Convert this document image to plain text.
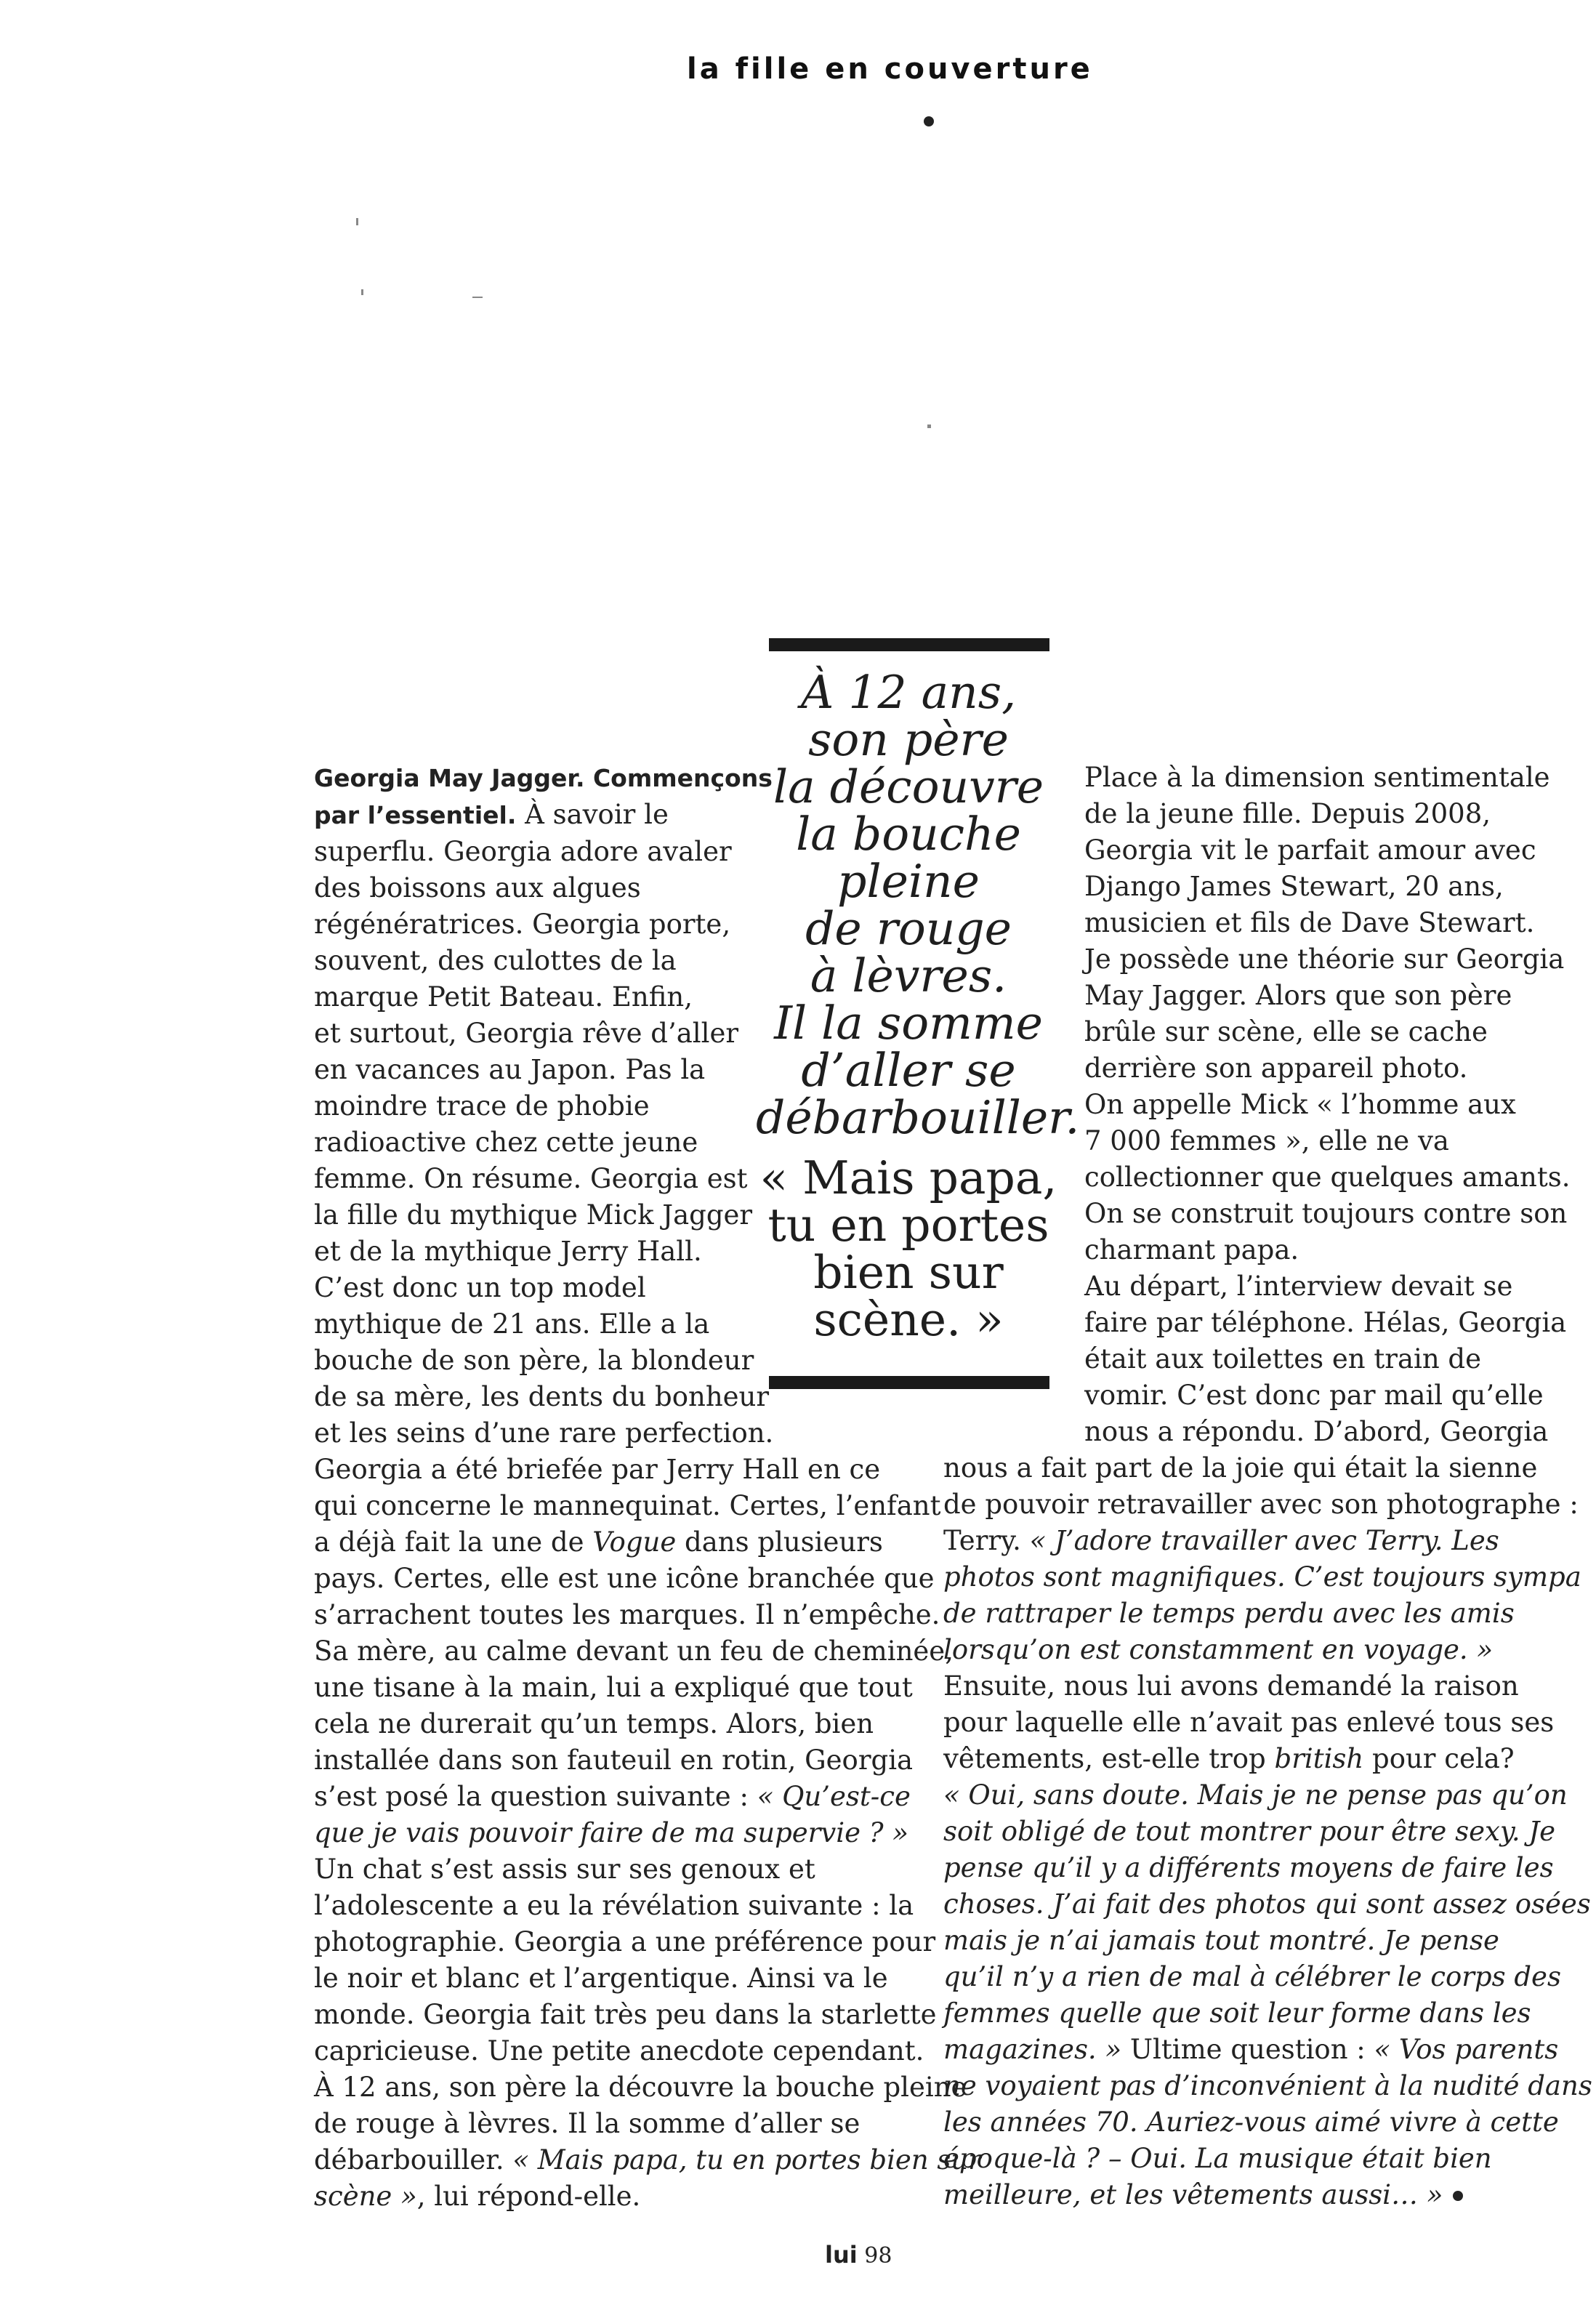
la fille en couverture
À 12 ans,
son père
la découvre
la bouche
pleine
de rouge
à lèvres.
Il la somme
d’aller se
débarbouiller.
« Mais papa,
tu en portes
bien sur
scène. »

Georgia May Jagger. Commençons

par l’essentiel. À savoir le

superflu. Georgia adore avaler

des boissons aux algues

régénératrices. Georgia porte,

souvent, des culottes de la

marque Petit Bateau. Enfin,

et surtout, Georgia rêve d’aller

en vacances au Japon. Pas la

moindre trace de phobie

radioactive chez cette jeune

femme. On résume. Georgia est

la fille du mythique Mick Jagger

et de la mythique Jerry Hall.

C’est donc un top model

mythique de 21 ans. Elle a la

bouche de son père, la blondeur

de sa mère, les dents du bonheur

et les seins d’une rare perfection.

Georgia a été briefée par Jerry Hall en ce

qui concerne le mannequinat. Certes, l’enfant

a déjà fait la une de Vogue dans plusieurs

pays. Certes, elle est une icône branchée que

s’arrachent toutes les marques. Il n’empêche.

Sa mère, au calme devant un feu de cheminée,

une tisane à la main, lui a expliqué que tout

cela ne durerait qu’un temps. Alors, bien

installée dans son fauteuil en rotin, Georgia

s’est posé la question suivante : « Qu’est-ce

que je vais pouvoir faire de ma supervie ? »

Un chat s’est assis sur ses genoux et

l’adolescente a eu la révélation suivante : la

photographie. Georgia a une préférence pour

le noir et blanc et l’argentique. Ainsi va le

monde. Georgia fait très peu dans la starlette

capricieuse. Une petite anecdote cependant.

À 12 ans, son père la découvre la bouche pleine

de rouge à lèvres. Il la somme d’aller se

débarbouiller. « Mais papa, tu en portes bien sur

scène », lui répond-elle.

Place à la dimension sentimentale

de la jeune fille. Depuis 2008,

Georgia vit le parfait amour avec

Django James Stewart, 20 ans,

musicien et fils de Dave Stewart.

Je possède une théorie sur Georgia

May Jagger. Alors que son père

brûle sur scène, elle se cache

derrière son appareil photo.

On appelle Mick « l’homme aux

7 000 femmes », elle ne va

collectionner que quelques amants.

On se construit toujours contre son

charmant papa.

Au départ, l’interview devait se

faire par téléphone. Hélas, Georgia

était aux toilettes en train de

vomir. C’est donc par mail qu’elle

nous a répondu. D’abord, Georgia

nous a fait part de la joie qui était la sienne

de pouvoir retravailler avec son photographe :

Terry. « J’adore travailler avec Terry. Les

photos sont magnifiques. C’est toujours sympa

de rattraper le temps perdu avec les amis

lorsqu’on est constamment en voyage. »

Ensuite, nous lui avons demandé la raison

pour laquelle elle n’avait pas enlevé tous ses

vêtements, est-elle trop british pour cela?

« Oui, sans doute. Mais je ne pense pas qu’on

soit obligé de tout montrer pour être sexy. Je

pense qu’il y a différents moyens de faire les

choses. J’ai fait des photos qui sont assez osées

mais je n’ai jamais tout montré. Je pense

qu’il n’y a rien de mal à célébrer le corps des

femmes quelle que soit leur forme dans les

magazines. » Ultime question : « Vos parents

ne voyaient pas d’inconvénient à la nudité dans

les années 70. Auriez-vous aimé vivre à cette

époque-là ? – Oui. La musique était bien

meilleure, et les vêtements aussi… »

lui 98
